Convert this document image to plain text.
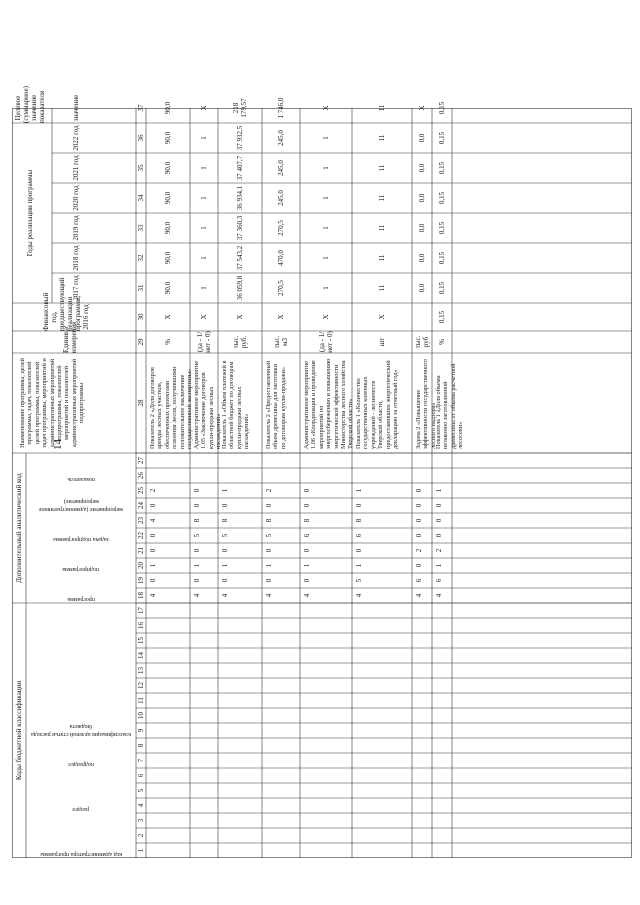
14
Коды бюджетной классификации
Дополнительный аналитический код
Годы реализации программы
Целевое (суммарное) значение показателя	значение
Наименование программы, целей программы, задач, показателей целей программы, показателей задач программы, мероприятий и административных мероприятий подпрограммы, показателей мероприятий и показателей административных мероприятий подпрограммы
Единица измерения
Финансовый год, предшествующий реализации программы, 2016 год
2017 год
2018 год
2019 год
2020 год
2021 год
2022 год
код администратора программы
раздел
подраздел
классификация целевой статьи расхода бюджета
программа
подпрограмма
задача подпрограммы
мероприятие (административное мероприятие)
показатель
1
2
3
4
5
6
7
8
9
10
11
12
13
14
15
16
17
18
19
20
21
22
23
24
25
26
27
28
29
30
31
32
33
34
35
36
37
4
0
1
0
0
4
0
2
Показатель 2 «Доля договоров аренды лесных участков, обеспеченных проектами освоения лесов, получившими положительное заключение государственной экспертизы»
%
X
90,0
90,0
90,0
90,0
90,0
90,0
90,0
4
0
1
0
5
8
0
0
Административное мероприятие 1.05 «Заключение договоров купли-продажи лесных насаждений»
(да - 1/ нет - 0)
X
1
1
1
1
1
1
X
4
0
1
0
5
8
0
1
Показатель 1 «Объем платежей в областной бюджет по договорам купли-продажи лесных насаждений»
тыс. руб.
X
36 059,8
37 543,2
37 360,3
36 934,1
37 407,7
37 932,5
218 179,57
4
0
1
0
5
8
0
2
Показатель 2 «Предоставленный объем древесины для заготовки по договорам купли-продажи»
тыс. м3
X
270,5
470,0
270,5
245,0
245,0
245,0
1 746,0
4
0
1
0
6
8
0
0
Административное мероприятие 1.06 «Координация и проведение мероприятий по энергосбережению и повышению энергетической эффективности Министерства лесного хозяйства Тверской области»
(да - 1/ нет - 0)
X
1
1
1
1
1
1
X
4
5
1
0
6
8
0
1
Показатель 1 «Количество государственных казенных учреждений - лесничеств Тверской области, предоставивших энергетический декларацию за отчетный год»
шт
X
11
11
11
11
11
11
11
4
6
0
2
0
0
0
0
Задача 2 «Повышение эффективности государственного лесного надзора»
тыс. руб
0,0
0,0
0,0
0,0
0,0
0,0
X
4
6
1
2
0
0
0
1
Показатель 1 «Доля объема незаконно заготовленной древесины от объема расчетной лесосеки»
%
0,15
0,15
0,15
0,15
0,15
0,15
0,15
0,15
